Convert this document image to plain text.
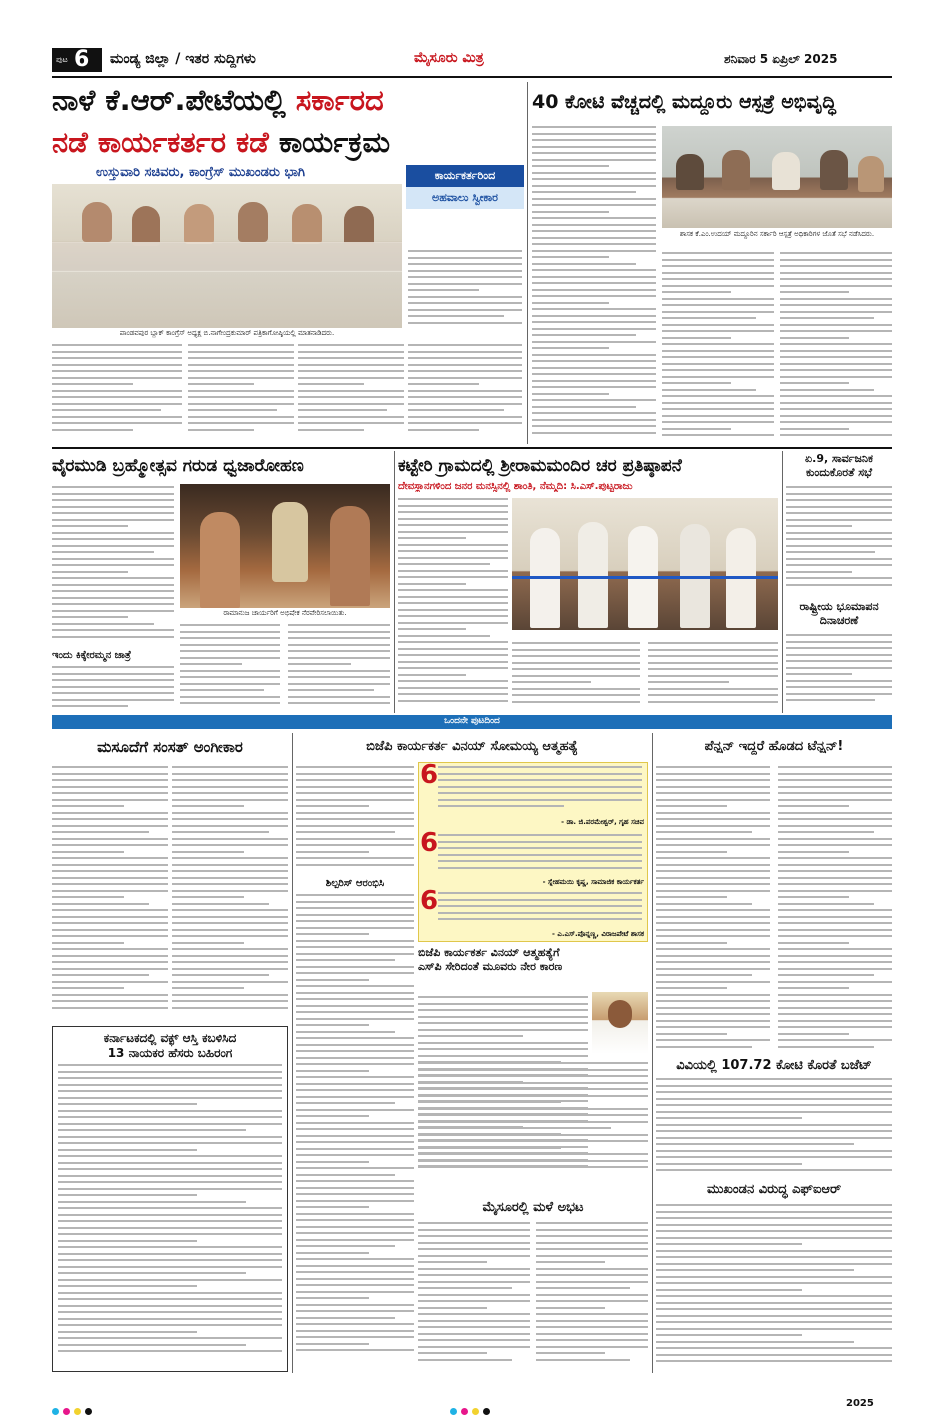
ಪುಟ 6 ಮಂಡ್ಯ ಜಿಲ್ಲಾ / ಇತರ ಸುದ್ದಿಗಳು	ಮೈಸೂರು ಮಿತ್ರ	ಶನಿವಾರ 5 ಏಪ್ರಿಲ್ 2025
ನಾಳೆ ಕೆ.ಆರ್.ಪೇಟೆಯಲ್ಲಿ ಸರ್ಕಾರದ
ನಡೆ ಕಾರ್ಯಕರ್ತರ ಕಡೆ ಕಾರ್ಯಕ್ರಮ
ಉಸ್ತುವಾರಿ ಸಚಿವರು, ಕಾಂಗ್ರೆಸ್ ಮುಖಂಡರು ಭಾಗಿ
ಪಾಂಡವಪುರ ಬ್ಲಾಕ್ ಕಾಂಗ್ರೆಸ್ ಅಧ್ಯಕ್ಷ ಬಿ.ನಾಗೇಂದ್ರಕುಮಾರ್ ಪತ್ರಿಕಾಗೋಷ್ಠಿಯಲ್ಲಿ ಮಾತನಾಡಿದರು.
ಕಾರ್ಯಕರ್ತರಿಂದ
ಅಹವಾಲು ಸ್ವೀಕಾರ
40 ಕೋಟಿ ವೆಚ್ಚದಲ್ಲಿ ಮದ್ದೂರು ಆಸ್ಪತ್ರೆ ಅಭಿವೃದ್ಧಿ
ಶಾಸಕ ಕೆ.ಎಂ.ಉದಯ್ ಮದ್ದೂರಿನ ಸರ್ಕಾರಿ ಆಸ್ಪತ್ರೆ ಅಧಿಕಾರಿಗಳ ಜೊತೆ ಸಭೆ ನಡೆಸಿದರು.
ವೈರಮುಡಿ ಬ್ರಹ್ಮೋತ್ಸವ ಗರುಡ ಧ್ವಜಾರೋಹಣ
ರಾಮಾನುಜ ಚಾರ್ಯರಿಗೆ ಅಭಿಷೇಕ ನೆರವೇರಿಸಲಾಯಿತು.
ಇಂದು ಕಿಕ್ಕೇರಮ್ಮನ ಜಾತ್ರೆ
ಕಟ್ಟೇರಿ ಗ್ರಾಮದಲ್ಲಿ ಶ್ರೀರಾಮಮಂದಿರ ಚರ ಪ್ರತಿಷ್ಠಾಪನೆ
ದೇವಸ್ಥಾನಗಳಿಂದ ಜನರ ಮನಸ್ಸಿನಲ್ಲಿ ಶಾಂತಿ, ನೆಮ್ಮದಿ: ಸಿ.ಎಸ್.ಪುಟ್ಟರಾಜು
ಏ.9, ಸಾರ್ವಜನಿಕ
ಕುಂದುಕೊರತೆ ಸಭೆ
ರಾಷ್ಟ್ರೀಯ ಭೂಮಾಪನ
ದಿನಾಚರಣೆ
ಒಂದನೇ ಪುಟದಿಂದ
ಮಸೂದೆಗೆ ಸಂಸತ್ ಅಂಗೀಕಾರ
ಕರ್ನಾಟಕದಲ್ಲಿ ವಕ್ಫ್ ಆಸ್ತಿ ಕಬಳಿಸಿದ
13 ನಾಯಕರ ಹೆಸರು ಬಹಿರಂಗ
ಬಿಜೆಪಿ ಕಾರ್ಯಕರ್ತ ವಿನಯ್ ಸೋಮಯ್ಯ ಆತ್ಮಹತ್ಯೆ
6
- ಡಾ. ಜಿ.ಪರಮೇಶ್ವರ್, ಗೃಹ ಸಚಿವ
6
- ಸ್ನೇಹಮಯಿ ಕೃಷ್ಣ, ಸಾಮಾಜಿಕ ಕಾರ್ಯಕರ್ತ
6
- ಎ.ಎಸ್.ಪೊನ್ನಣ್ಣ, ವಿರಾಜಪೇಟೆ ಶಾಸಕ
ಶಿಲ್ಪರಿಸ್ ಆರಂಭಿಸಿ
ಬಿಜೆಪಿ ಕಾರ್ಯಕರ್ತ ವಿನಯ್ ಆತ್ಮಹತ್ಯೆಗೆ
ಎಸ್‌ಪಿ ಸೇರಿದಂತೆ ಮೂವರು ನೇರ ಕಾರಣ
ಮೈಸೂರಲ್ಲಿ ಮಳೆ ಅಭಟ
ಪೆನ್ಷನ್ ಇದ್ದರೆ ಹೊಡದ ಟೆನ್ಷನ್!
ವಿವಿಯಲ್ಲಿ 107.72 ಕೋಟಿ ಕೊರತೆ ಬಜೆಟ್
ಮುಖಂಡನ ವಿರುದ್ಧ ಎಫ್‌ಐಆರ್
2025
